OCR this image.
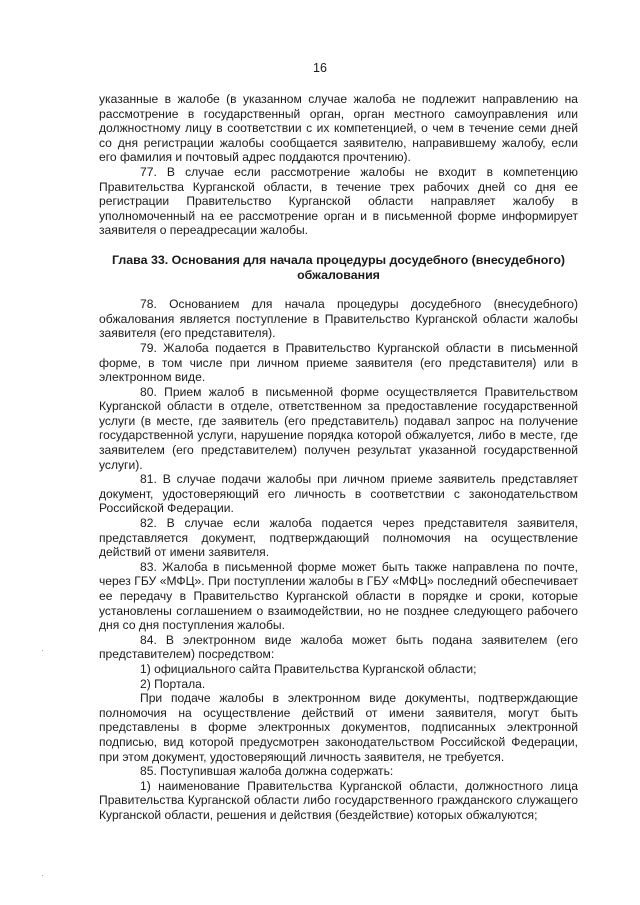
16

указанные в жалобе (в указанном случае жалоба не подлежит направлению на рассмотрение в государственный орган, орган местного самоуправления или должностному лицу в соответствии с их компетенцией, о чем в течение семи дней со дня регистрации жалобы сообщается заявителю, направившему жалобу, если его фамилия и почтовый адрес поддаются прочтению).

77. В случае если рассмотрение жалобы не входит в компетенцию Правительства Курганской области, в течение трех рабочих дней со дня ее регистрации Правительство Курганской области направляет жалобу в уполномоченный на ее рассмотрение орган и в письменной форме информирует заявителя о переадресации жалобы.

Глава 33. Основания для начала процедуры досудебного (внесудебного) обжалования

78. Основанием для начала процедуры досудебного (внесудебного) обжалования является поступление в Правительство Курганской области жалобы заявителя (его представителя).

79. Жалоба подается в Правительство Курганской области в письменной форме, в том числе при личном приеме заявителя (его представителя) или в электронном виде.

80. Прием жалоб в письменной форме осуществляется Правительством Курганской области в отделе, ответственном за предоставление государственной услуги (в месте, где заявитель (его представитель) подавал запрос на получение государственной услуги, нарушение порядка которой обжалуется, либо в месте, где заявителем (его представителем) получен результат указанной государственной услуги).

81. В случае подачи жалобы при личном приеме заявитель представляет документ, удостоверяющий его личность в соответствии с законодательством Российской Федерации.

82. В случае если жалоба подается через представителя заявителя, представляется документ, подтверждающий полномочия на осуществление действий от имени заявителя.

83. Жалоба в письменной форме может быть также направлена по почте, через ГБУ «МФЦ». При поступлении жалобы в ГБУ «МФЦ» последний обеспечивает ее передачу в Правительство Курганской области в порядке и сроки, которые установлены соглашением о взаимодействии, но не позднее следующего рабочего дня со дня поступления жалобы.

84. В электронном виде жалоба может быть подана заявителем (его представителем) посредством:

1) официального сайта Правительства Курганской области;

2) Портала.

При подаче жалобы в электронном виде документы, подтверждающие полномочия на осуществление действий от имени заявителя, могут быть представлены в форме электронных документов, подписанных электронной подписью, вид которой предусмотрен законодательством Российской Федерации, при этом документ, удостоверяющий личность заявителя, не требуется.

85. Поступившая жалоба должна содержать:

1) наименование Правительства Курганской области, должностного лица Правительства Курганской области либо государственного гражданского служащего Курганской области, решения и действия (бездействие) которых обжалуются;

·
·
